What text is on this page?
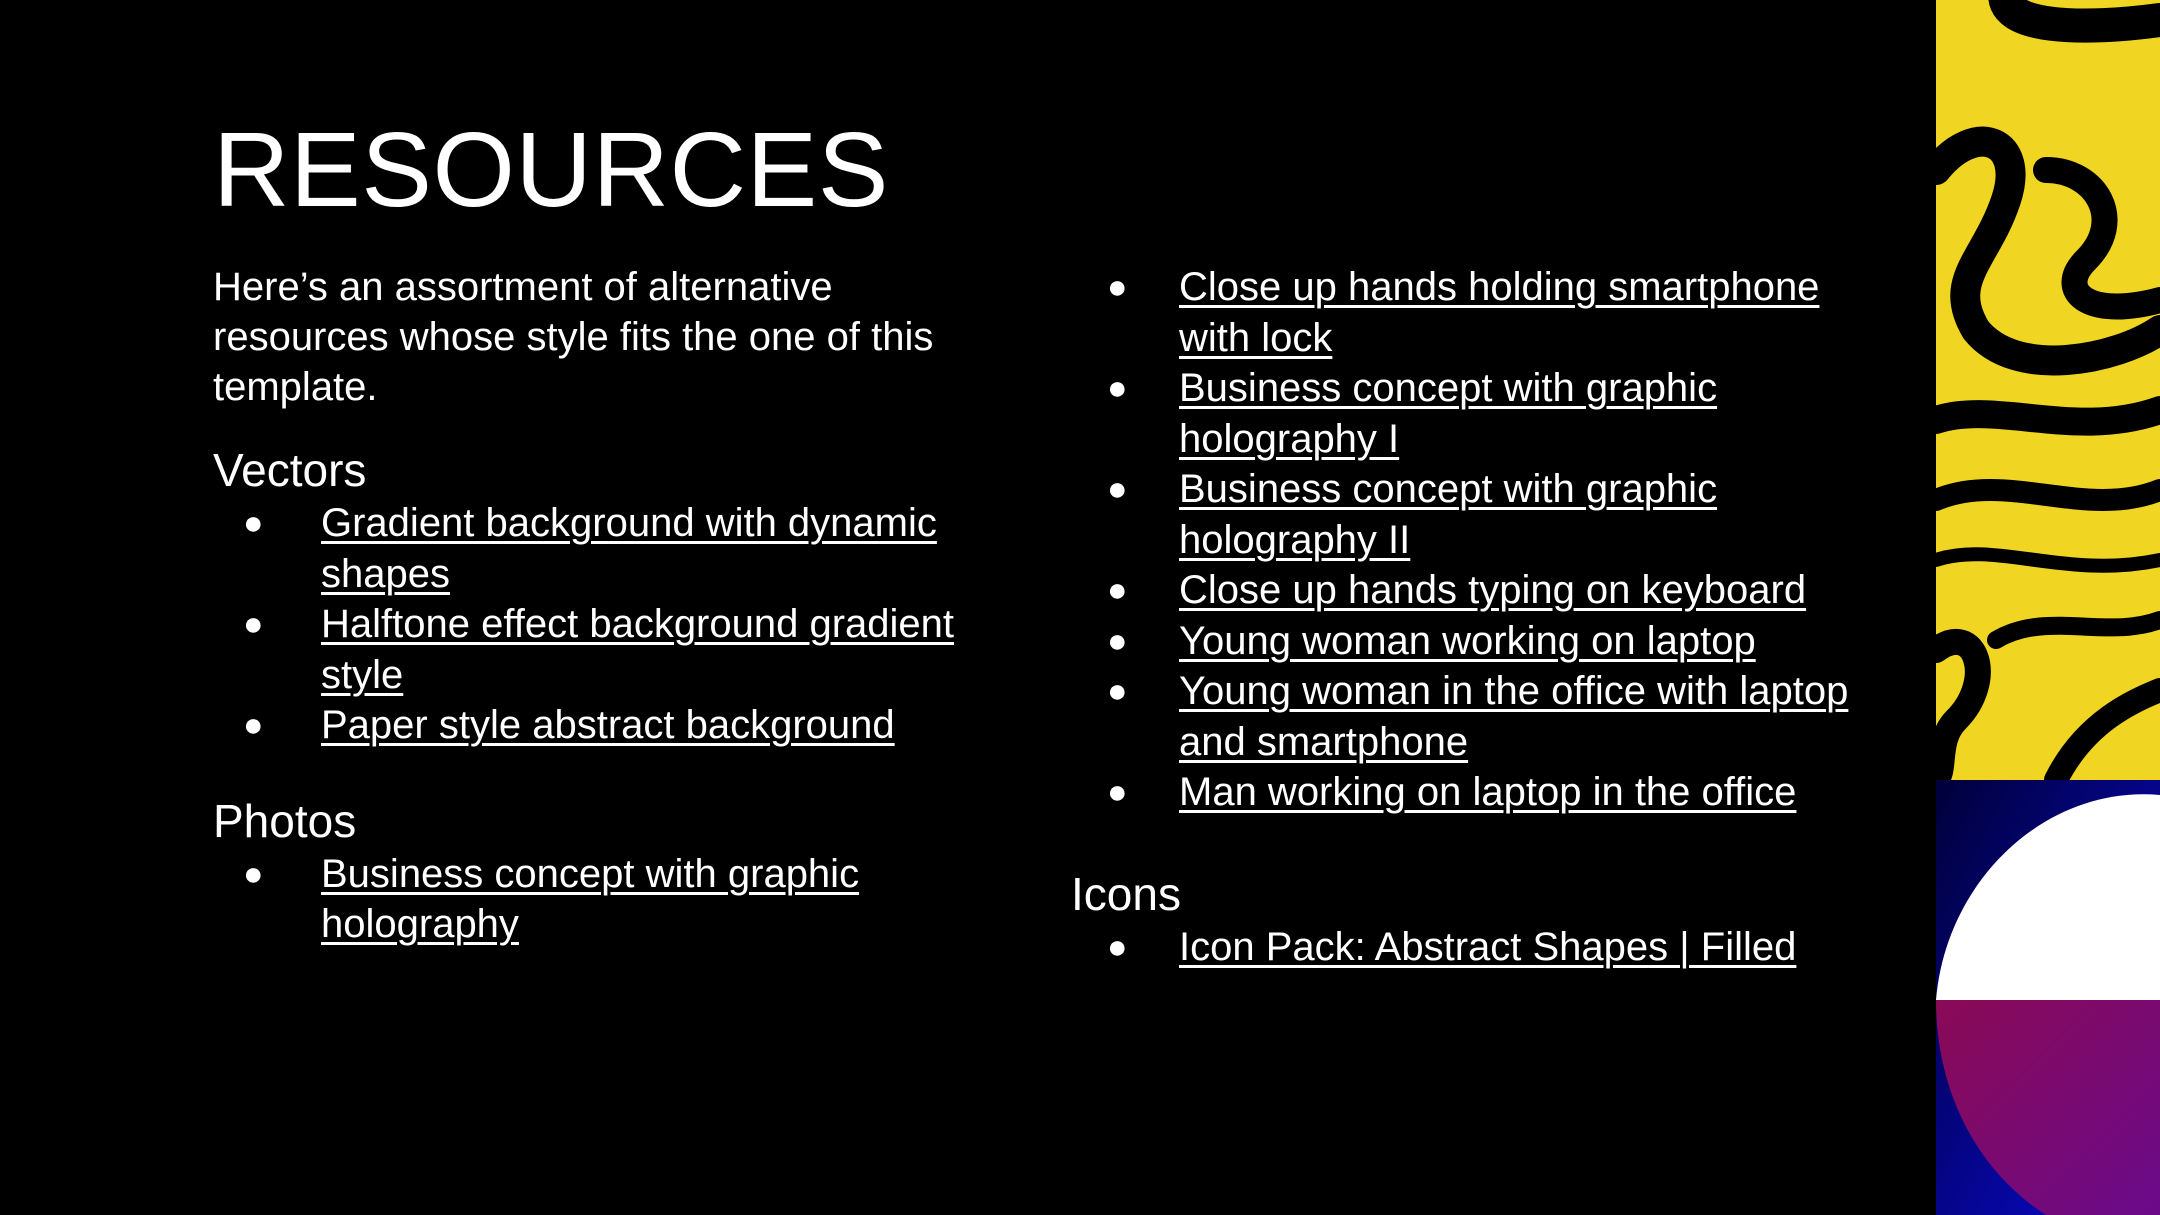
RESOURCES

Here’s an assortment of alternative resources whose style fits the one of this template.

Vectors
● Gradient background with dynamic shapes
● Halftone effect background gradient style
● Paper style abstract background
Photos
● Business concept with graphic holography
● Close up hands holding smartphone with lock
● Business concept with graphic holography I
● Business concept with graphic holography II
● Close up hands typing on keyboard
● Young woman working on laptop
● Young woman in the office with laptop and smartphone
● Man working on laptop in the office
Icons
● Icon Pack: Abstract Shapes | Filled
